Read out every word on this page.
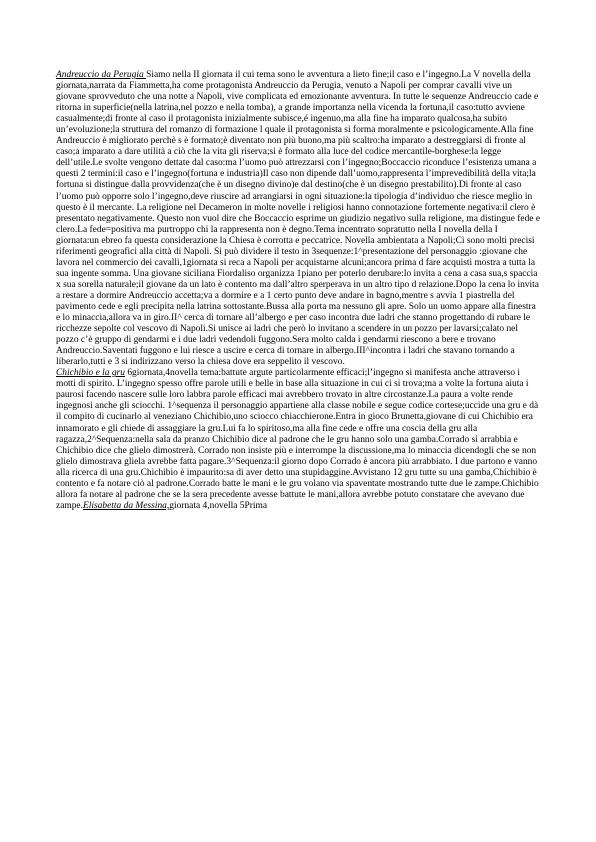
Andreuccio da Perugia Siamo nella II giornata il cui tema sono le avventura a lieto fine;il caso e l’ingegno.La V novella della giornata,narrata da Fiammetta,ha come protagonista Andreuccio da Perugia, venuto a Napoli per comprar cavalli vive un giovane sprovveduto che una notte a Napoli, vive complicata ed emozionante avventura. In tutte le sequenze Andreuccio cade e ritorna in superficie(nella latrina,nel pozzo e nella tomba), a grande importanza nella vicenda la fortuna,il caso:tutto avviene casualmente;di fronte al caso il protagonista inizialmente subisce,é ingenuo,ma alla fine ha imparato qualcosa,ha subito un’evoluzione;la struttura del romanzo di formazione l quale il protagonista si forma moralmente e psicologicamente.Alla fine Andreuccio è migliorato perchè s è formato;è diventato non più buono,ma più scaltro:ha imparato a destreggiarsi di fronte al caso;a imparato a dare utilità a ciò che la vita gli riserva;si è formato alla luce del codice mercantile-borghese:la legge dell’utile.Le svolte vengono dettate dal caso:ma l’uomo può attrezzarsi con l’ingegno;Boccaccio riconduce l’esistenza umana a questi 2 termini:il caso e l’ingegno(fortuna e industria)Il caso non dipende dall’uomo,rappresenta l’imprevedibilità della vita;la fortuna si distingue dalla provvidenza(che è un disegno divino)e dal destino(che è un disegno prestabilito).Di fronte al caso l’uomo può opporre solo l’ingegno,deve riuscire ad arrangiarsi in ogni situazione:la tipologia d’individuo che riesce meglio in questo è il mercante. La religione nel Decameron in molte novelle i religiosi hanno connotazione fortemente negativa:il clero è presentato negativamente. Questo non vuol dire che Boccaccio esprime un giudizio negativo sulla religione, ma distingue fede e clero.La fede=positiva ma purtroppo chi la rappresenta non è degno.Tema incentrato sopratutto nella I novella della I giornata:un ebreo fa questa considerazione la Chiesa è corrotta e peccatrice. Novella ambientata a Napoli;Ci sono molti precisi riferimenti geografici alla città di Napoli. Si può dividere il testo in 3sequenze:1^presentazione del personaggio :giovane che lavora nel commercio dei cavalli,1giornata si reca a Napoli per acquistarne alcuni;ancora prima d fare acquisti mostra a tutta la sua ingente somma. Una giovane siciliana Fiordaliso organizza 1piano per poterlo derubare:lo invita a cena a casa sua,s spaccia x sua sorella naturale;il giovane da un lato è contento ma dall’altro sperperava in un altro tipo d relazione.Dopo la cena lo invita a restare a dormire Andreuccio accetta;va a dormire e a 1 certo punto deve andare in bagno,mentre s avvia 1 piastrella del pavimento cede e egli precipita nella latrina sottostante.Bussa alla porta ma nessuno gli apre. Solo un uomo appare alla finestra e lo minaccia,allora va in giro.II^ cerca di tornare all’albergo e per caso incontra due ladri che stanno progettando di rubare le ricchezze sepolte col vescovo di Napoli.Si unisce ai ladri che però lo invitano a scendere in un pozzo per lavarsi;calato nel pozzo c’è gruppo di gendarmi e i due ladri vedendoli fuggono.Sera molto calda i gendarmi riescono a bere e trovano Andreuccio.Saventati fuggono e lui riesce a uscire e cerca di tornare in albergo.III^incontra i ladri che stavano tornando a liberarlo,tutti e 3 si indirizzano verso la chiesa dove era seppelito il vescovo.

Chichibio e la gru 6giornata,4novella tema:battute argute particolarmente efficaci;l’ingegno si manifesta anche attraverso i motti di spirito. L’ingegno spesso offre parole utili e belle in base alla situazione in cui ci si trova;ma a volte la fortuna aiuta i paurosi facendo nascere sulle loro labbra parole efficaci mai avrebbero trovato in altre circostanze.La paura a volte rende ingegnosi anche gli sciocchi. 1^sequenza il personaggio appartiene alla classe nobile e segue codice cortese;uccide una gru e dà il compito di cucinarlo al veneziano Chichibio,uno sciocco chiacchierone.Entra in gioco Brunetta,giovane di cui Chichibio era innamorato e gli chiede di assaggiare la gru.Lui fa lo spiritoso,ma alla fine cede e offre una coscia della gru alla ragazza,2^Sequenza:nella sala da pranzo Chichibio dice al padrone che le gru hanno solo una gamba.Corrado si arrabbia e Chichibio dice che glielo dimostrerà. Corrado non insiste più e interrompe la discussione,ma lo minaccia dicendogli che se non glielo dimostrava gliela avrebbe fatta pagare.3^Sequenza:il giorno dopo Corrado è ancora più arrabbiato. I due partono e vanno alla ricerca di una gru.Chichibio è impaurito:sa di aver detto una stupidaggine.Avvistano 12 gru tutte su una gamba,Chichibio è contento e fa notare ciò al padrone.Corrado batte le mani e le gru volano via spaventate mostrando tutte due le zampe.Chichibio allora fa notare al padrone che se la sera precedente avesse battute le mani,allora avrebbe potuto constatare che avevano due zampe.Elisabetta da Messina,giornata 4,novella 5Prima
